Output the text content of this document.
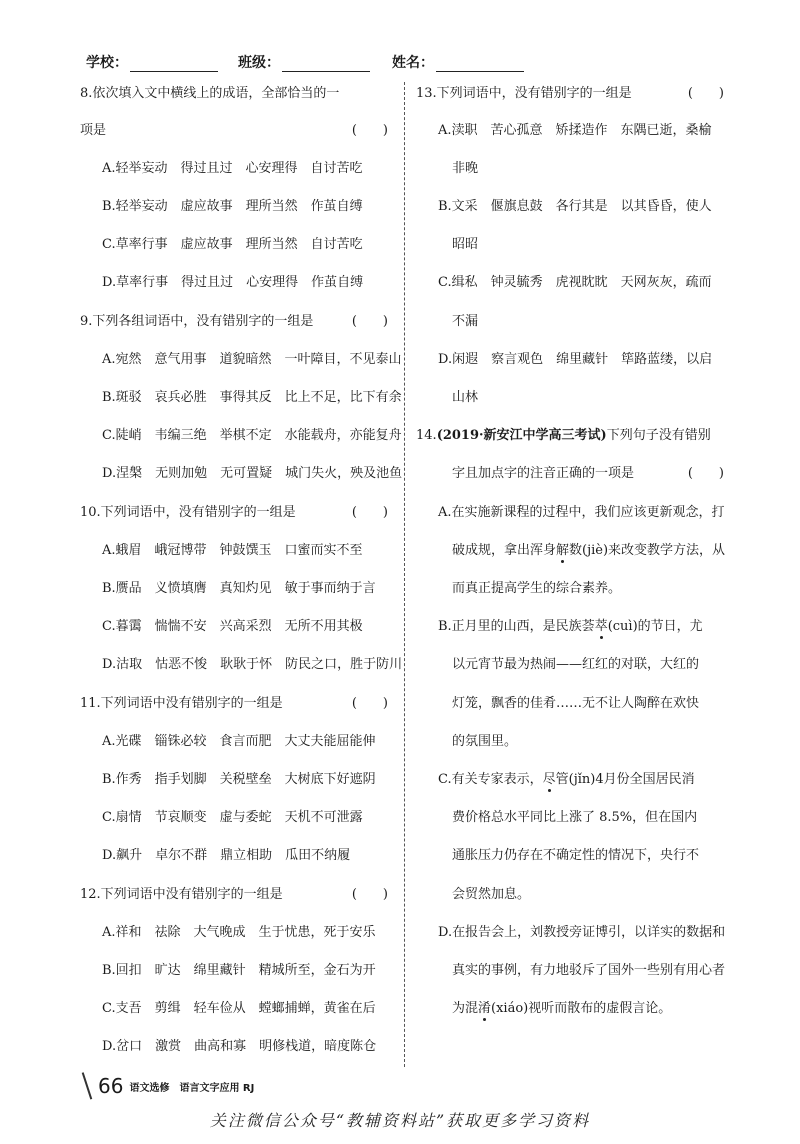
学校：	班级：	姓名：
8.依次填入文中横线上的成语，全部恰当的一
项是	(　　)
A.轻举妄动　得过且过　心安理得　自讨苦吃
B.轻举妄动　虚应故事　理所当然　作茧自缚
C.草率行事　虚应故事　理所当然　自讨苦吃
D.草率行事　得过且过　心安理得　作茧自缚
9.下列各组词语中，没有错别字的一组是	(　　)
A.宛然　意气用事　道貌暗然　一叶障目，不见泰山
B.斑驳　哀兵必胜　事得其反　比上不足，比下有余
C.陡峭　韦编三绝　举棋不定　水能载舟，亦能复舟
D.涅槃　无则加勉　无可置疑　城门失火，殃及池鱼
10.下列词语中，没有错别字的一组是	(　　)
A.蛾眉　峨冠博带　钟鼓馔玉　口蜜而实不至
B.赝品　义愤填膺　真知灼见　敏于事而纳于言
C.暮霭　惴惴不安　兴高采烈　无所不用其极
D.沽取　怙恶不悛　耿耿于怀　防民之口，胜于防川
11.下列词语中没有错别字的一组是	(　　)
A.光碟　锱铢必较　食言而肥　大丈夫能屈能伸
B.作秀　指手划脚　关税壁垒　大树底下好遮阴
C.扇情　节哀顺变　虚与委蛇　天机不可泄露
D.飙升　卓尔不群　鼎立相助　瓜田不纳履
12.下列词语中没有错别字的一组是	(　　)
A.祥和　祛除　大气晚成　生于忧患，死于安乐
B.回扣　旷达　绵里藏针　精城所至，金石为开
C.支吾　剪缉　轻车俭从　螳螂捕蝉，黄雀在后
D.岔口　激赏　曲高和寡　明修栈道，暗度陈仓
13.下列词语中，没有错别字的一组是	(　　)
A.渎职　苦心孤意　矫揉造作　东隅已逝，桑榆
非晚
B.文采　偃旗息鼓　各行其是　以其昏昏，使人
昭昭
C.缉私　钟灵毓秀　虎视眈眈　天网灰灰，疏而
不漏
D.闲遐　察言观色　绵里藏针　筚路蓝缕，以启
山林
14.(2019·新安江中学高三考试)下列句子没有错别
字且加点字的注音正确的一项是	(　　)
A.在实施新课程的过程中，我们应该更新观念，打
破成规，拿出浑身解数(jiè)来改变教学方法，从
而真正提高学生的综合素养。
B.正月里的山西，是民族荟萃(cuì)的节日，尤
以元宵节最为热闹——红红的对联，大红的
灯笼，飘香的佳肴……无不让人陶醉在欢快
的氛围里。
C.有关专家表示，尽管(jǐn)4月份全国居民消
费价格总水平同比上涨了 8.5%，但在国内
通胀压力仍存在不确定性的情况下，央行不
会贸然加息。
D.在报告会上，刘教授旁证博引，以详实的数据和
真实的事例，有力地驳斥了国外一些别有用心者
为混淆(xiáo)视听而散布的虚假言论。
66 语文选修　语言文字应用 RJ
关注微信公众号“教辅资料站”获取更多学习资料
